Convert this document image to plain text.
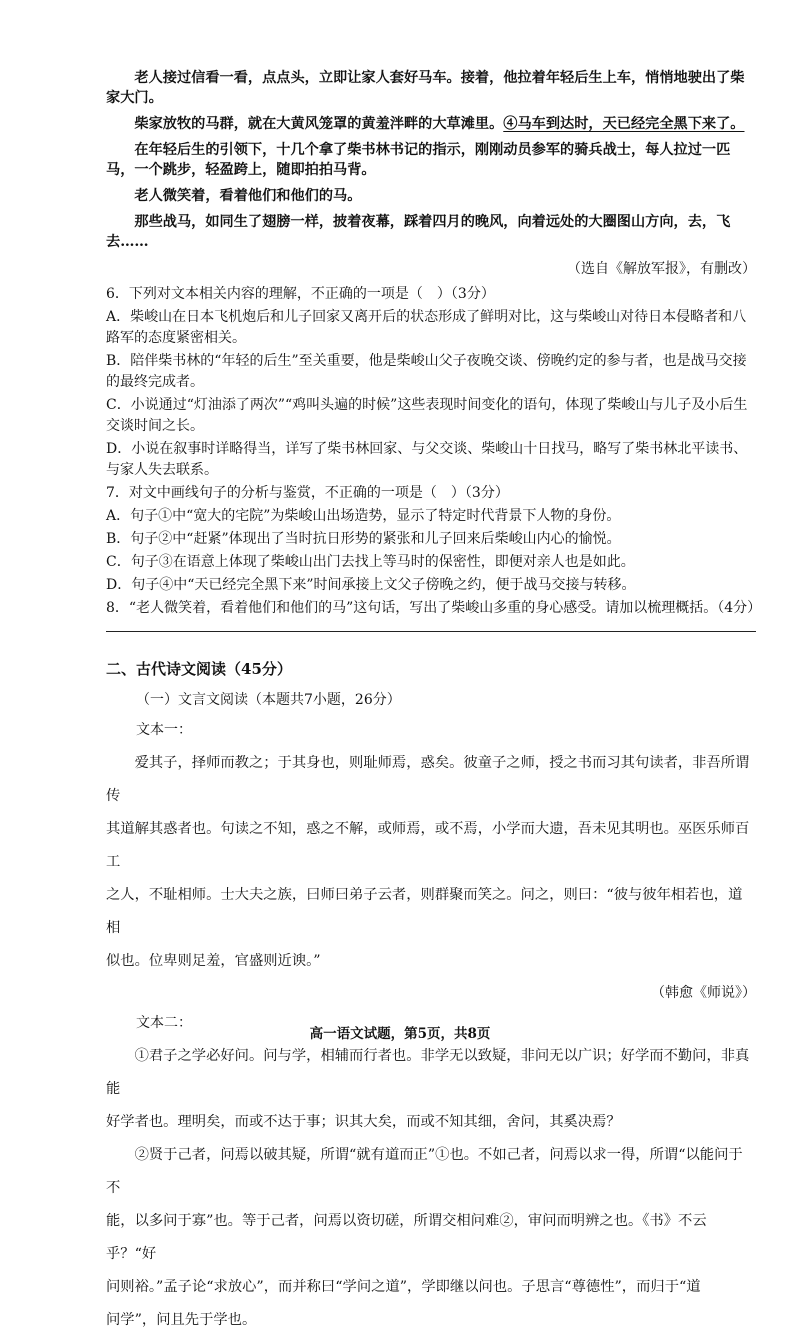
老人接过信看一看，点点头，立即让家人套好马车。接着，他拉着年轻后生上车，悄悄地驶出了柴家大门。

柴家放牧的马群，就在大黄风笼罩的黄羞泮畔的大草滩里。④马车到达时，天已经完全黑下来了。

在年轻后生的引领下，十几个拿了柴书林书记的指示，刚刚动员参军的骑兵战士，每人拉过一匹马，一个跳步，轻盈跨上，随即拍拍马背。

老人微笑着，看着他们和他们的马。

那些战马，如同生了翅膀一样，披着夜幕，踩着四月的晚风，向着远处的大圈图山方向，去，飞去……

（选自《解放军报》，有删改）

6．下列对文本相关内容的理解，不正确的一项是（　）（3分）

A．柴峻山在日本飞机炮后和儿子回家又离开后的状态形成了鲜明对比，这与柴峻山对待日本侵略者和八路军的态度紧密相关。

B．陪伴柴书林的“年轻的后生”至关重要，他是柴峻山父子夜晚交谈、傍晚约定的参与者，也是战马交接的最终完成者。

C．小说通过“灯油添了两次”“鸡叫头遍的时候”这些表现时间变化的语句，体现了柴峻山与儿子及小后生交谈时间之长。

D．小说在叙事时详略得当，详写了柴书林回家、与父交谈、柴峻山十日找马，略写了柴书林北平读书、与家人失去联系。

7．对文中画线句子的分析与鉴赏，不正确的一项是（　）（3分）

A．句子①中“宽大的宅院”为柴峻山出场造势，显示了特定时代背景下人物的身份。

B．句子②中“赶紧”体现出了当时抗日形势的紧张和儿子回来后柴峻山内心的愉悦。

C．句子③在语意上体现了柴峻山出门去找上等马时的保密性，即便对亲人也是如此。

D．句子④中“天已经完全黑下来”时间承接上文父子傍晚之约，便于战马交接与转移。

8．“老人微笑着，看着他们和他们的马”这句话，写出了柴峻山多重的身心感受。请加以梳理概括。（4分）

二、古代诗文阅读（45分）
（一）文言文阅读（本题共7小题，26分）
文本一：

爱其子，择师而教之；于其身也，则耻师焉，惑矣。彼童子之师，授之书而习其句读者，非吾所谓传

其道解其惑者也。句读之不知，惑之不解，或师焉，或不焉，小学而大遗，吾未见其明也。巫医乐师百工

之人，不耻相师。士大夫之族，曰师曰弟子云者，则群聚而笑之。问之，则曰：“彼与彼年相若也，道相

似也。位卑则足羞，官盛则近谀。”

（韩愈《师说》）
文本二：

①君子之学必好问。问与学，相辅而行者也。非学无以致疑，非问无以广识；好学而不勤问，非真能

好学者也。理明矣，而或不达于事；识其大矣，而或不知其细，舍问，其奚决焉？

②贤于己者，问焉以破其疑，所谓“就有道而正”①也。不如己者，问焉以求一得，所谓“以能问于不

能，以多问于寡”也。等于己者，问焉以资切磋，所谓交相问难②，审问而明辨之也。《书》不云乎？“好

问则裕。”孟子论“求放心”，而并称曰“学问之道”，学即继以问也。子思言“尊德性”，而归于“道

问学”，问且先于学也。

高一语文试题，第5页，共8页
